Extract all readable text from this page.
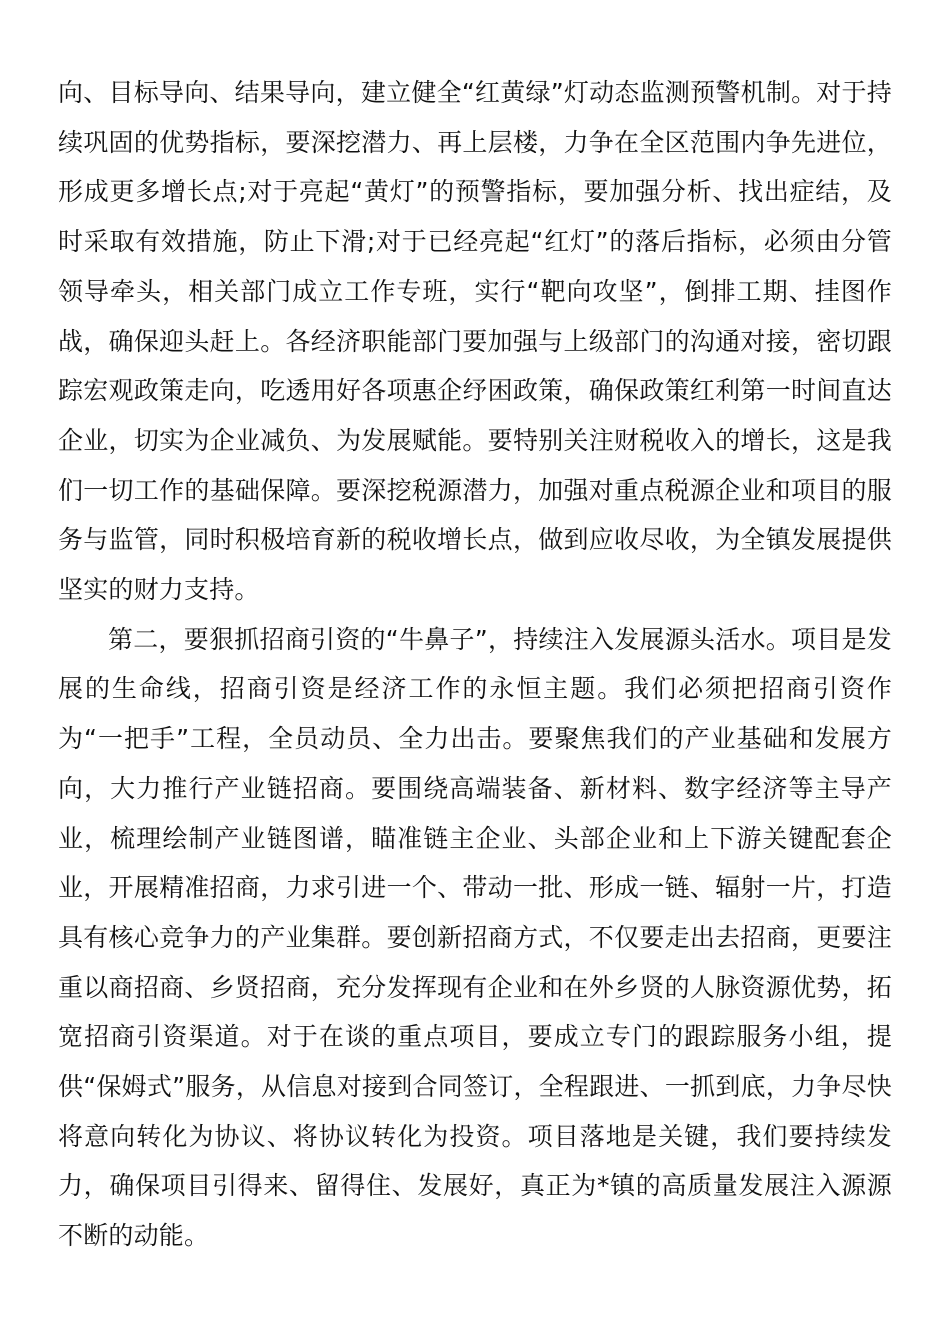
向、目标导向、结果导向，建立健全“红黄绿”灯动态监测预警机制。对于持续巩固的优势指标，要深挖潜力、再上层楼，力争在全区范围内争先进位，形成更多增长点;对于亮起“黄灯”的预警指标，要加强分析、找出症结，及时采取有效措施，防止下滑;对于已经亮起“红灯”的落后指标，必须由分管领导牵头，相关部门成立工作专班，实行“靶向攻坚”，倒排工期、挂图作战，确保迎头赶上。各经济职能部门要加强与上级部门的沟通对接，密切跟踪宏观政策走向，吃透用好各项惠企纾困政策，确保政策红利第一时间直达企业，切实为企业减负、为发展赋能。要特别关注财税收入的增长，这是我们一切工作的基础保障。要深挖税源潜力，加强对重点税源企业和项目的服务与监管，同时积极培育新的税收增长点，做到应收尽收，为全镇发展提供坚实的财力支持。

第二，要狠抓招商引资的“牛鼻子”，持续注入发展源头活水。项目是发展的生命线，招商引资是经济工作的永恒主题。我们必须把招商引资作为“一把手”工程，全员动员、全力出击。要聚焦我们的产业基础和发展方向，大力推行产业链招商。要围绕高端装备、新材料、数字经济等主导产业，梳理绘制产业链图谱，瞄准链主企业、头部企业和上下游关键配套企业，开展精准招商，力求引进一个、带动一批、形成一链、辐射一片，打造具有核心竞争力的产业集群。要创新招商方式，不仅要走出去招商，更要注重以商招商、乡贤招商，充分发挥现有企业和在外乡贤的人脉资源优势，拓宽招商引资渠道。对于在谈的重点项目，要成立专门的跟踪服务小组，提供“保姆式”服务，从信息对接到合同签订，全程跟进、一抓到底，力争尽快将意向转化为协议、将协议转化为投资。项目落地是关键，我们要持续发力，确保项目引得来、留得住、发展好，真正为*镇的高质量发展注入源源不断的动能。
